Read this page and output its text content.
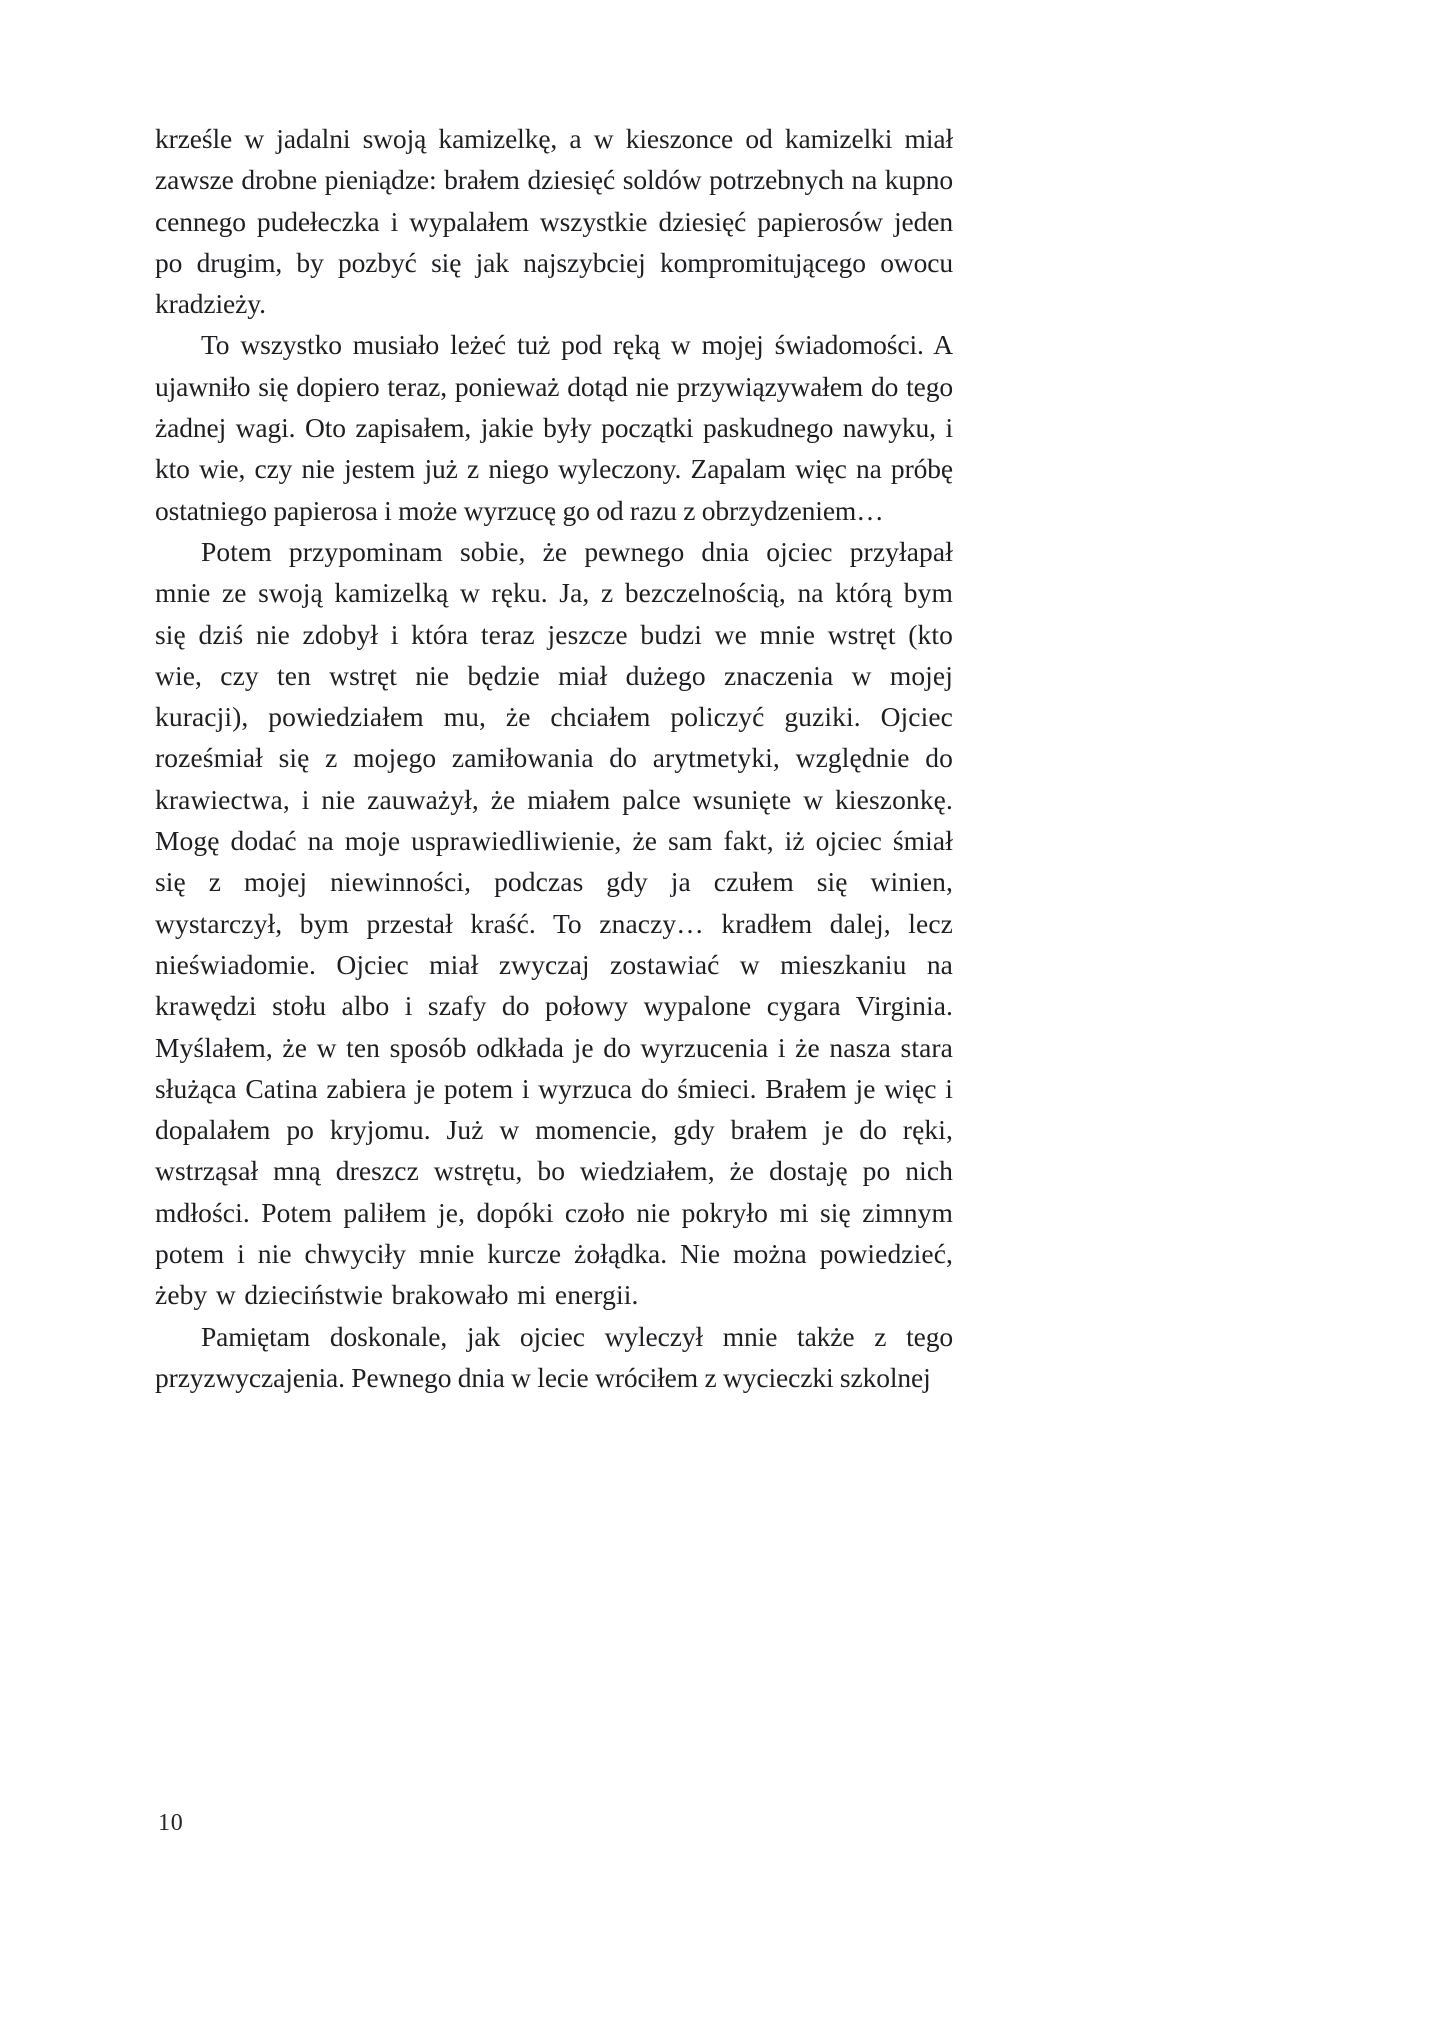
krześle w jadalni swoją kamizelkę, a w kieszonce od kamizelki miał zawsze drobne pieniądze: brałem dziesięć soldów potrzebnych na kupno cennego pudełeczka i wypalałem wszystkie dziesięć papierosów jeden po drugim, by pozbyć się jak najszybciej kompromitującego owocu kradzieży.

To wszystko musiało leżeć tuż pod ręką w mojej świadomości. A ujawniło się dopiero teraz, ponieważ dotąd nie przywiązywałem do tego żadnej wagi. Oto zapisałem, jakie były początki paskudnego nawyku, i kto wie, czy nie jestem już z niego wyleczony. Zapalam więc na próbę ostatniego papierosa i może wyrzucę go od razu z obrzydzeniem…

Potem przypominam sobie, że pewnego dnia ojciec przyłapał mnie ze swoją kamizelką w ręku. Ja, z bezczelnością, na którą bym się dziś nie zdobył i która teraz jeszcze budzi we mnie wstręt (kto wie, czy ten wstręt nie będzie miał dużego znaczenia w mojej kuracji), powiedziałem mu, że chciałem policzyć guziki. Ojciec roześmiał się z mojego zamiłowania do arytmetyki, względnie do krawiectwa, i nie zauważył, że miałem palce wsunięte w kieszonkę. Mogę dodać na moje usprawiedliwienie, że sam fakt, iż ojciec śmiał się z mojej niewinności, podczas gdy ja czułem się winien, wystarczył, bym przestał kraść. To znaczy… kradłem dalej, lecz nieświadomie. Ojciec miał zwyczaj zostawiać w mieszkaniu na krawędzi stołu albo i szafy do połowy wypalone cygara Virginia. Myślałem, że w ten sposób odkłada je do wyrzucenia i że nasza stara służąca Catina zabiera je potem i wyrzuca do śmieci. Brałem je więc i dopalałem po kryjomu. Już w momencie, gdy brałem je do ręki, wstrząsał mną dreszcz wstrętu, bo wiedziałem, że dostaję po nich mdłości. Potem paliłem je, dopóki czoło nie pokryło mi się zimnym potem i nie chwyciły mnie kurcze żołądka. Nie można powiedzieć, żeby w dzieciństwie brakowało mi energii.

Pamiętam doskonale, jak ojciec wyleczył mnie także z tego przyzwyczajenia. Pewnego dnia w lecie wróciłem z wycieczki szkolnej

10
